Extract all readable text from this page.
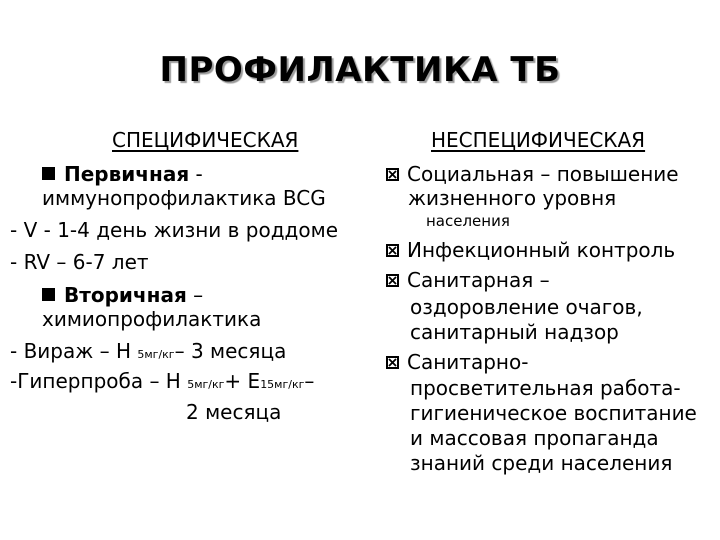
ПРОФИЛАКТИКА ТБ
СПЕЦИФИЧЕСКАЯ	НЕСПЕЦИФИЧЕСКАЯ
Первичная -
иммунопрофилактика BCG
- V - 1-4 день жизни в роддоме
- RV – 6-7 лет
Вторичная –
химиопрофилактика
- Вираж – Н 5мг/кг– 3 месяца
-Гиперпроба – Н 5мг/кг+ Е15мг/кг–
2 месяца
Социальная – повышение
жизненного уровня
населения
Инфекционный контроль
Санитарная –
оздоровление очагов,
санитарный надзор
Санитарно-
просветительная работа-
гигиеническое воспитание
и массовая пропаганда
знаний среди населения
